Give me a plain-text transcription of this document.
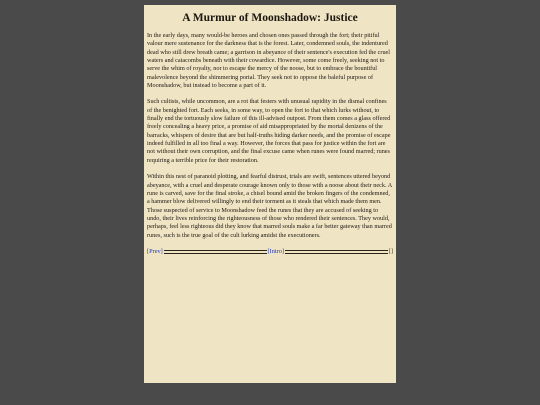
A Murmur of Moonshadow: Justice

In the early days, many would-be heroes and chosen ones passed through the fort; their pitiful valour mere sustenance for the darkness that is the forest. Later, condemned souls, the indentured dead who still drew breath came; a garrison in abeyance of their sentence's execution fed the cruel waters and catacombs beneath with their cowardice. However, some come freely, seeking not to serve the whim of royalty, nor to escape the mercy of the noose, but to embrace the bountiful malevolence beyond the shimmering portal. They seek not to oppose the baleful purpose of Moonshadow, but instead to become a part of it.

Such cultists, while uncommon, are a rot that festers with unusual rapidity in the dismal confines of the benighted fort. Each seeks, in some way, to open the fort to that which lurks without, to finally end the tortuously slow failure of this ill-advised outpost. From them comes a glass offered freely concealing a heavy price, a promise of aid misappropriated by the mortal denizens of the barracks, whispers of desire that are but half-truths hiding darker needs, and the promise of escape indeed fulfilled in all too final a way. However, the forces that pass for justice within the fort are not without their own corruption, and the final excuse came when runes were found marred; runes requiring a terrible price for their restoration.

Within this nest of paranoid plotting, and fearful distrust, trials are swift, sentences uttered beyond abeyance, with a cruel and desperate courage known only to those with a noose about their neck. A rune is carved, save for the final stroke, a chisel bound amid the broken fingers of the condemned, a hammer blow delivered willingly to end their torment as it steals that which made them men. Those suspected of service to Moonshadow feed the runes that they are accused of seeking to undo, their lives reinforcing the righteousness of those who rendered their sentences. They would, perhaps, feel less righteous did they know that marred souls make a far better gateway than marred runes, such is the true goal of the cult lurking amidst the executioners.

[ Prev ]	[ Intro ]	[]
